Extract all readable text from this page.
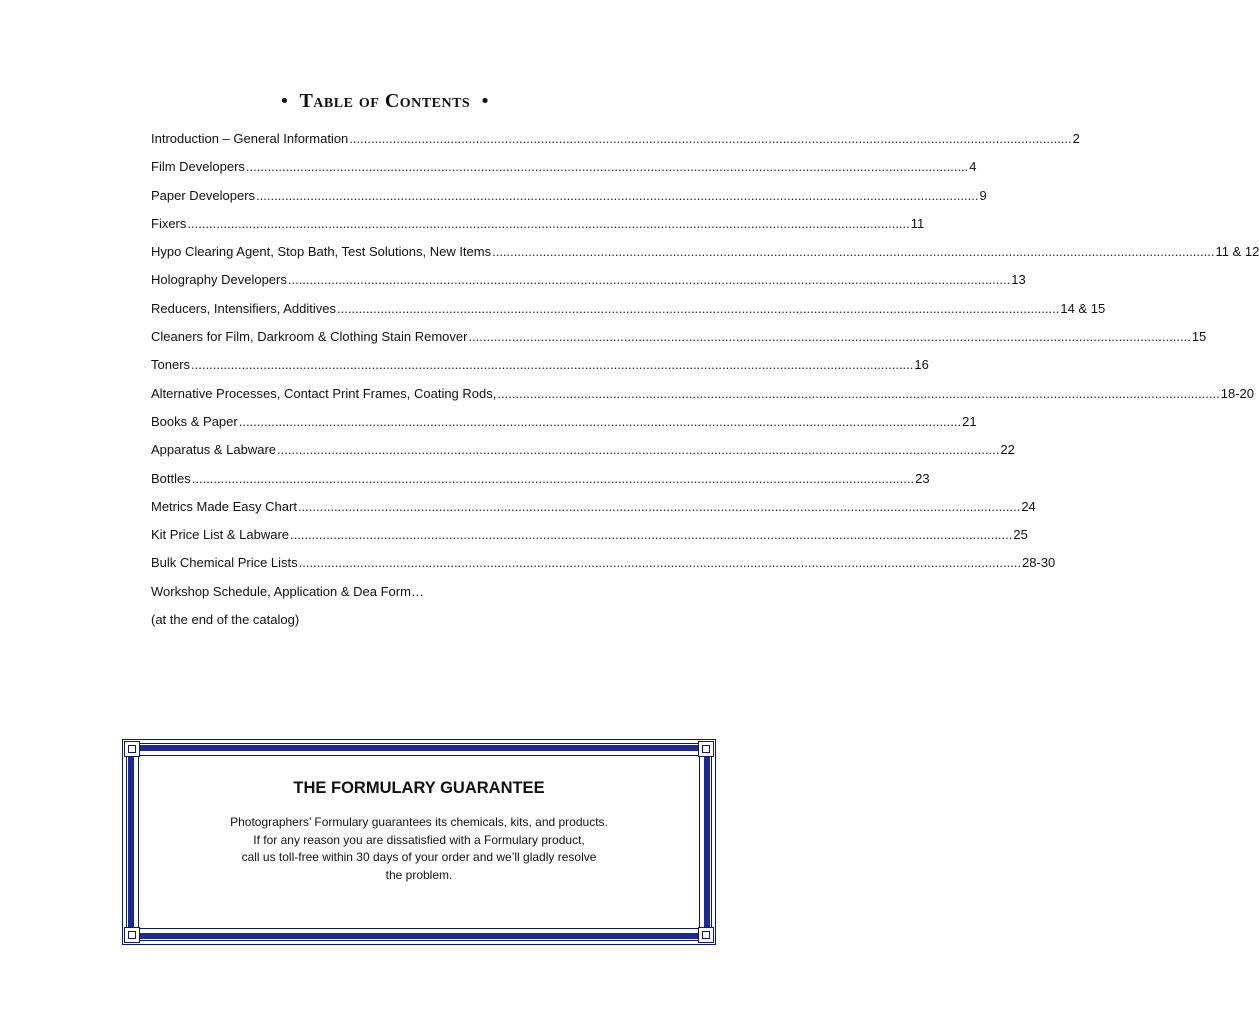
• Table of Contents •
Introduction – General Information ........................................................................................................................................................................................................ 2
Film Developers ........................................................................................................................................................................................................ 4
Paper Developers ........................................................................................................................................................................................................ 9
Fixers ........................................................................................................................................................................................................ 11
Hypo Clearing Agent, Stop Bath, Test Solutions, New Items ........................................................................................................................................................................................................ 11 & 12
Holography Developers ........................................................................................................................................................................................................ 13
Reducers, Intensifiers, Additives ........................................................................................................................................................................................................ 14 & 15
Cleaners for Film, Darkroom & Clothing Stain Remover ........................................................................................................................................................................................................ 15
Toners ........................................................................................................................................................................................................ 16
Alternative Processes, Contact Print Frames, Coating Rods, ........................................................................................................................................................................................................ 18-20
Books & Paper ........................................................................................................................................................................................................ 21
Apparatus & Labware ........................................................................................................................................................................................................ 22
Bottles ........................................................................................................................................................................................................ 23
Metrics Made Easy Chart ........................................................................................................................................................................................................ 24
Kit Price List & Labware ........................................................................................................................................................................................................ 25
Bulk Chemical Price Lists ........................................................................................................................................................................................................ 28-30
Workshop Schedule, Application & Dea Form…
(at the end of the catalog)
THE FORMULARY GUARANTEE
Photographers’ Formulary guarantees its chemicals, kits, and products.
If for any reason you are dissatisfied with a Formulary product,
call us toll-free within 30 days of your order and we’ll gladly resolve
the problem.
